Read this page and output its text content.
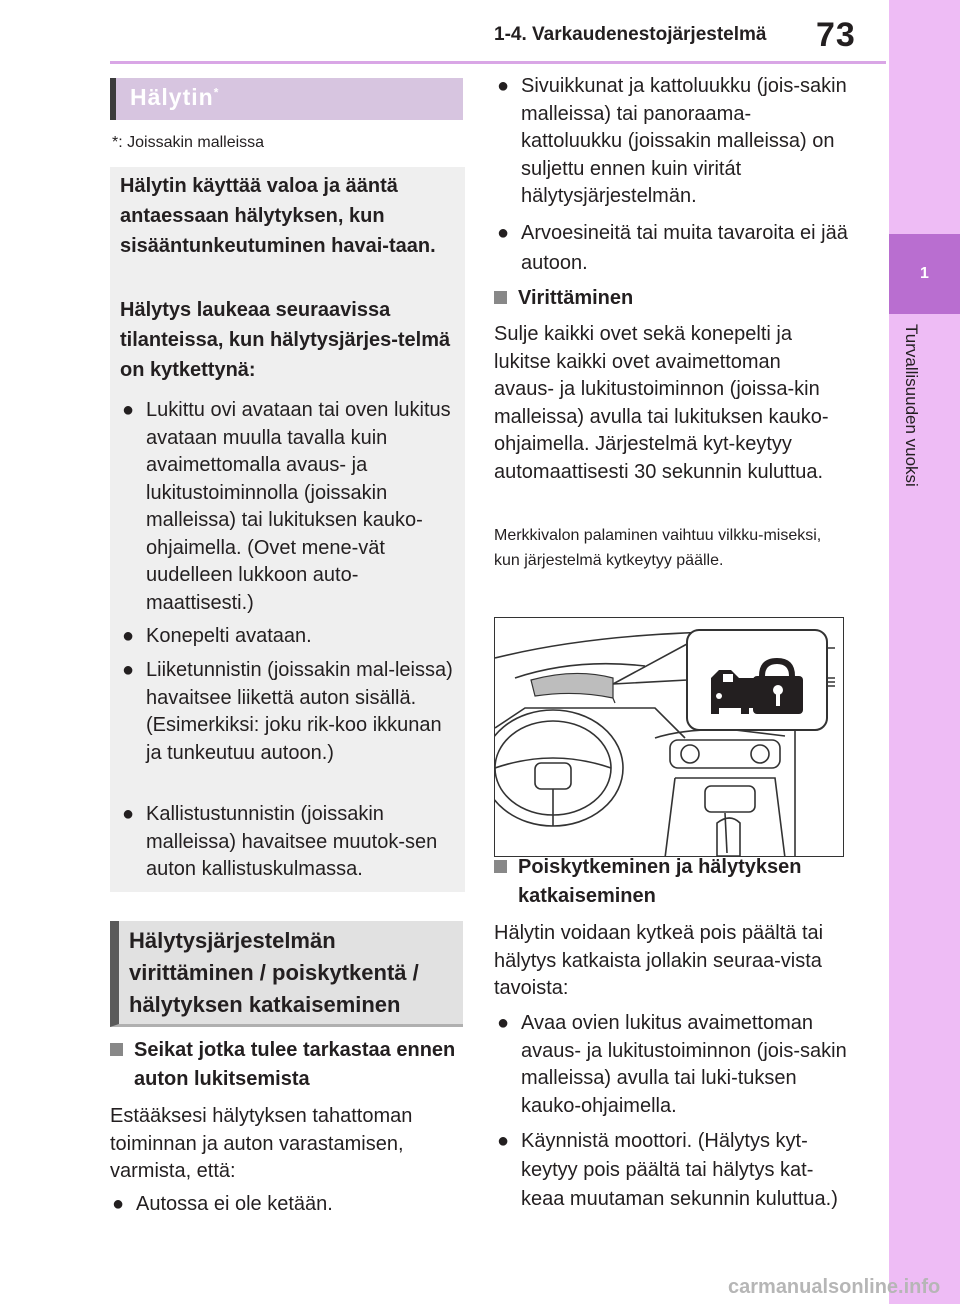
1-4. Varkaudenestojärjestelmä 73
1
Turvallisuuden vuoksi
Hälytin*
*: Joissakin malleissa

Hälytin käyttää valoa ja ääntä antaessaan hälytyksen, kun sisääntunkeutuminen havai-taan.

Hälytys laukeaa seuraavissa tilanteissa, kun hälytysjärjes-telmä on kytkettynä:

● Lukittu ovi avataan tai oven lukitus avataan muulla tavalla kuin avaimettomalla avaus- ja lukitustoiminnolla (joissakin malleissa) tai lukituksen kauko-ohjaimella. (Ovet mene-vät uudelleen lukkoon auto-maattisesti.)
● Konepelti avataan.
● Liiketunnistin (joissakin mal-leissa) havaitsee liikettä auton sisällä. (Esimerkiksi: joku rik-koo ikkunan ja tunkeutuu autoon.)
● Kallistustunnistin (joissakin malleissa) havaitsee muutok-sen auton kallistuskulmassa.
Hälytysjärjestelmän virittäminen / poiskytkentä / hälytyksen katkaiseminen
Seikat jotka tulee tarkastaa ennen auton lukitsemista

Estääksesi hälytyksen tahattoman toiminnan ja auton varastamisen, varmista, että:

● Autossa ei ole ketään.
● Sivuikkunat ja kattoluukku (jois-sakin malleissa) tai panoraama-kattoluukku (joissakin malleissa) on suljettu ennen kuin viritát hälytysjärjestelmän.
● Arvoesineitä tai muita tavaroita ei jää autoon.
Virittäminen

Sulje kaikki ovet sekä konepelti ja lukitse kaikki ovet avaimettoman avaus- ja lukitustoiminnon (joissa-kin malleissa) avulla tai lukituksen kauko-ohjaimella. Järjestelmä kyt-keytyy automaattisesti 30 sekunnin kuluttua.

Merkkivalon palaminen vaihtuu vilkku-miseksi, kun järjestelmä kytkeytyy päälle.

Poiskytkeminen ja hälytyksen katkaiseminen

Hälytin voidaan kytkeä pois päältä tai hälytys katkaista jollakin seuraa-vista tavoista:

● Avaa ovien lukitus avaimettoman avaus- ja lukitustoiminnon (jois-sakin malleissa) avulla tai luki-tuksen kauko-ohjaimella.
● Käynnistä moottori. (Hälytys kyt-keytyy pois päältä tai hälytys kat-keaa muutaman sekunnin kuluttua.)
carmanualsonline.info
